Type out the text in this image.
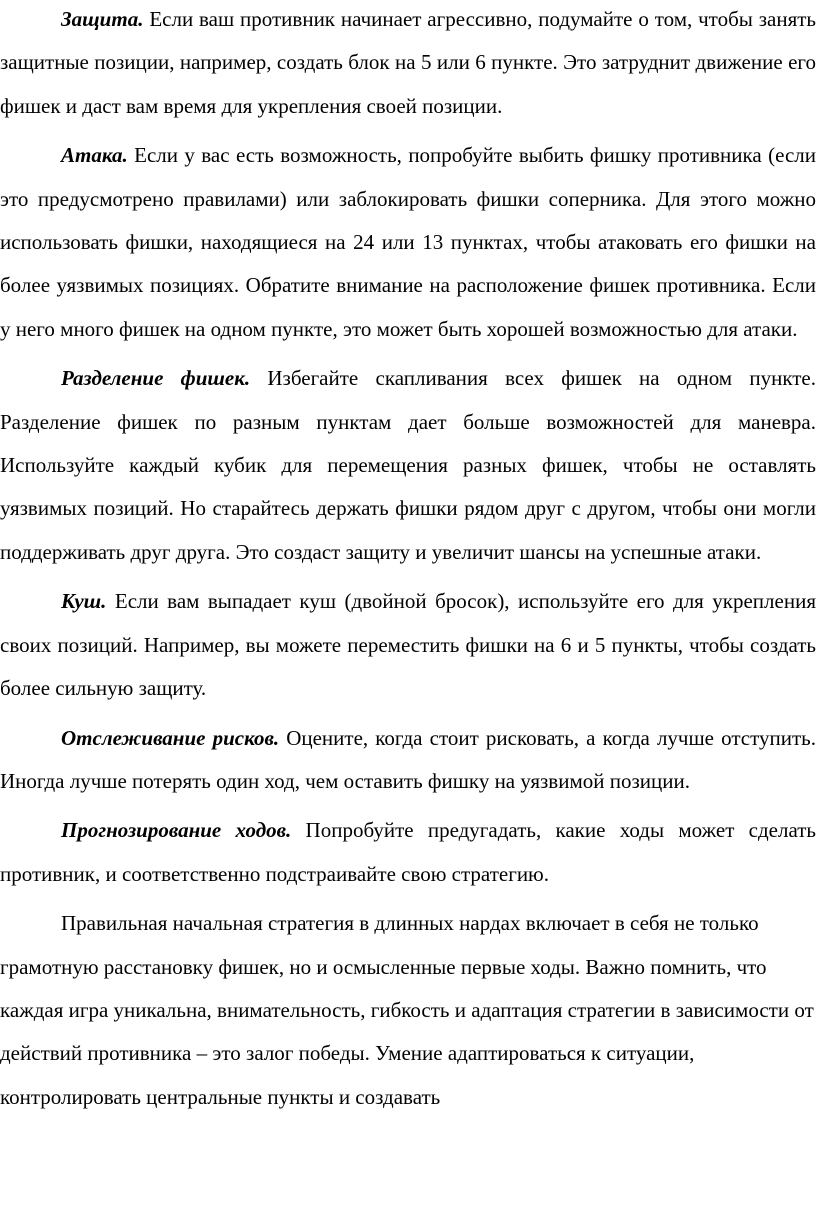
Защита. Если ваш противник начинает агрессивно, подумайте о том, чтобы занять защитные позиции, например, создать блок на 5 или 6 пункте. Это затруднит движение его фишек и даст вам время для укрепления своей позиции.

Атака. Если у вас есть возможность, попробуйте выбить фишку противника (если это предусмотрено правилами) или заблокировать фишки соперника. Для этого можно использовать фишки, находящиеся на 24 или 13 пунктах, чтобы атаковать его фишки на более уязвимых позициях. Обратите внимание на расположение фишек противника. Если у него много фишек на одном пункте, это может быть хорошей возможностью для атаки.

Разделение фишек. Избегайте скапливания всех фишек на одном пункте. Разделение фишек по разным пунктам дает больше возможностей для маневра. Используйте каждый кубик для перемещения разных фишек, чтобы не оставлять уязвимых позиций. Но старайтесь держать фишки рядом друг с другом, чтобы они могли поддерживать друг друга. Это создаст защиту и увеличит шансы на успешные атаки.

Куш. Если вам выпадает куш (двойной бросок), используйте его для укрепления своих позиций. Например, вы можете переместить фишки на 6 и 5 пункты, чтобы создать более сильную защиту.

Отслеживание рисков. Оцените, когда стоит рисковать, а когда лучше отступить. Иногда лучше потерять один ход, чем оставить фишку на уязвимой позиции.

Прогнозирование ходов. Попробуйте предугадать, какие ходы может сделать противник, и соответственно подстраивайте свою стратегию.

Правильная начальная стратегия в длинных нардах включает в себя не только грамотную расстановку фишек, но и осмысленные первые ходы. Важно помнить, что каждая игра уникальна, внимательность, гибкость и адаптация стратегии в зависимости от действий противника – это залог победы. Умение адаптироваться к ситуации, контролировать центральные пункты и создавать
